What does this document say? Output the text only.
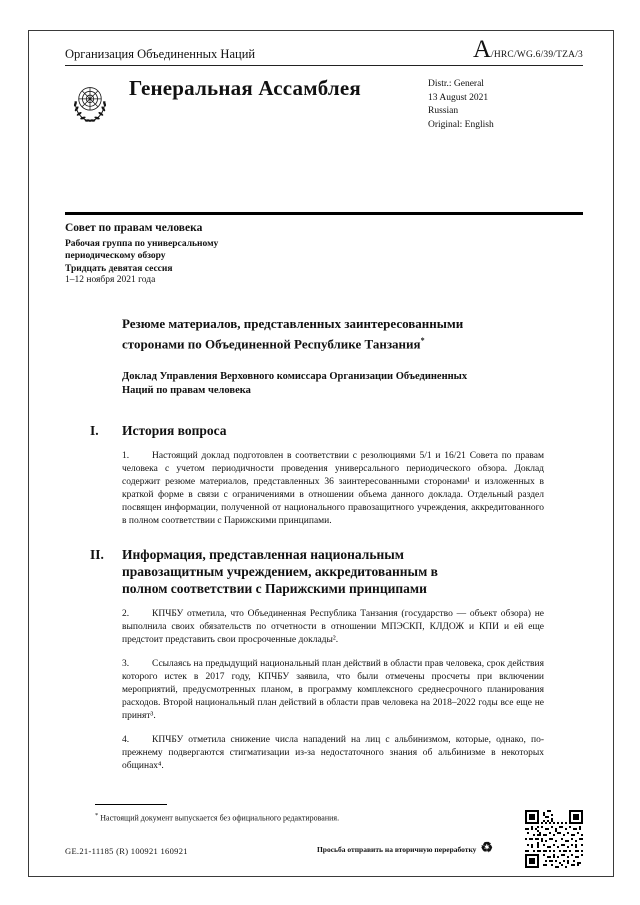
Организация Объединенных Наций	A/HRC/WG.6/39/TZA/3
Генеральная Ассамблея	Distr.: General
13 August 2021
Russian
Original: English
Совет по правам человека
Рабочая группа по универсальному периодическому обзору
Тридцать девятая сессия
1–12 ноября 2021 года
Резюме материалов, представленных заинтересованными сторонами по Объединенной Республике Танзания*
Доклад Управления Верховного комиссара Организации Объединенных Наций по правам человека
I.	История вопроса

1. Настоящий доклад подготовлен в соответствии с резолюциями 5/1 и 16/21 Совета по правам человека с учетом периодичности проведения универсального периодического обзора. Доклад содержит резюме материалов, представленных 36 заинтересованными сторонами¹ и изложенных в краткой форме в связи с ограничениями в отношении объема данного доклада. Отдельный раздел посвящен информации, полученной от национального правозащитного учреждения, аккредитованного в полном соответствии с Парижскими принципами.

II.	Информация, представленная национальным правозащитным учреждением, аккредитованным в полном соответствии с Парижскими принципами

2. КПЧБУ отметила, что Объединенная Республика Танзания (государство — объект обзора) не выполнила своих обязательств по отчетности в отношении МПЭСКП, КЛДОЖ и КПИ и ей еще предстоит представить свои просроченные доклады².

3. Ссылаясь на предыдущий национальный план действий в области прав человека, срок действия которого истек в 2017 году, КПЧБУ заявила, что были отмечены просчеты при включении мероприятий, предусмотренных планом, в программу комплексного среднесрочного планирования расходов. Второй национальный план действий в области прав человека на 2018–2022 годы все еще не принят³.

4. КПЧБУ отметила снижение числа нападений на лиц с альбинизмом, которые, однако, по-прежнему подвергаются стигматизации из-за недостаточного знания об альбинизме в некоторых общинах⁴.

* Настоящий документ выпускается без официального редактирования.
GE.21-11185 (R) 100921 160921	Просьба отправить на вторичную переработку ♻
